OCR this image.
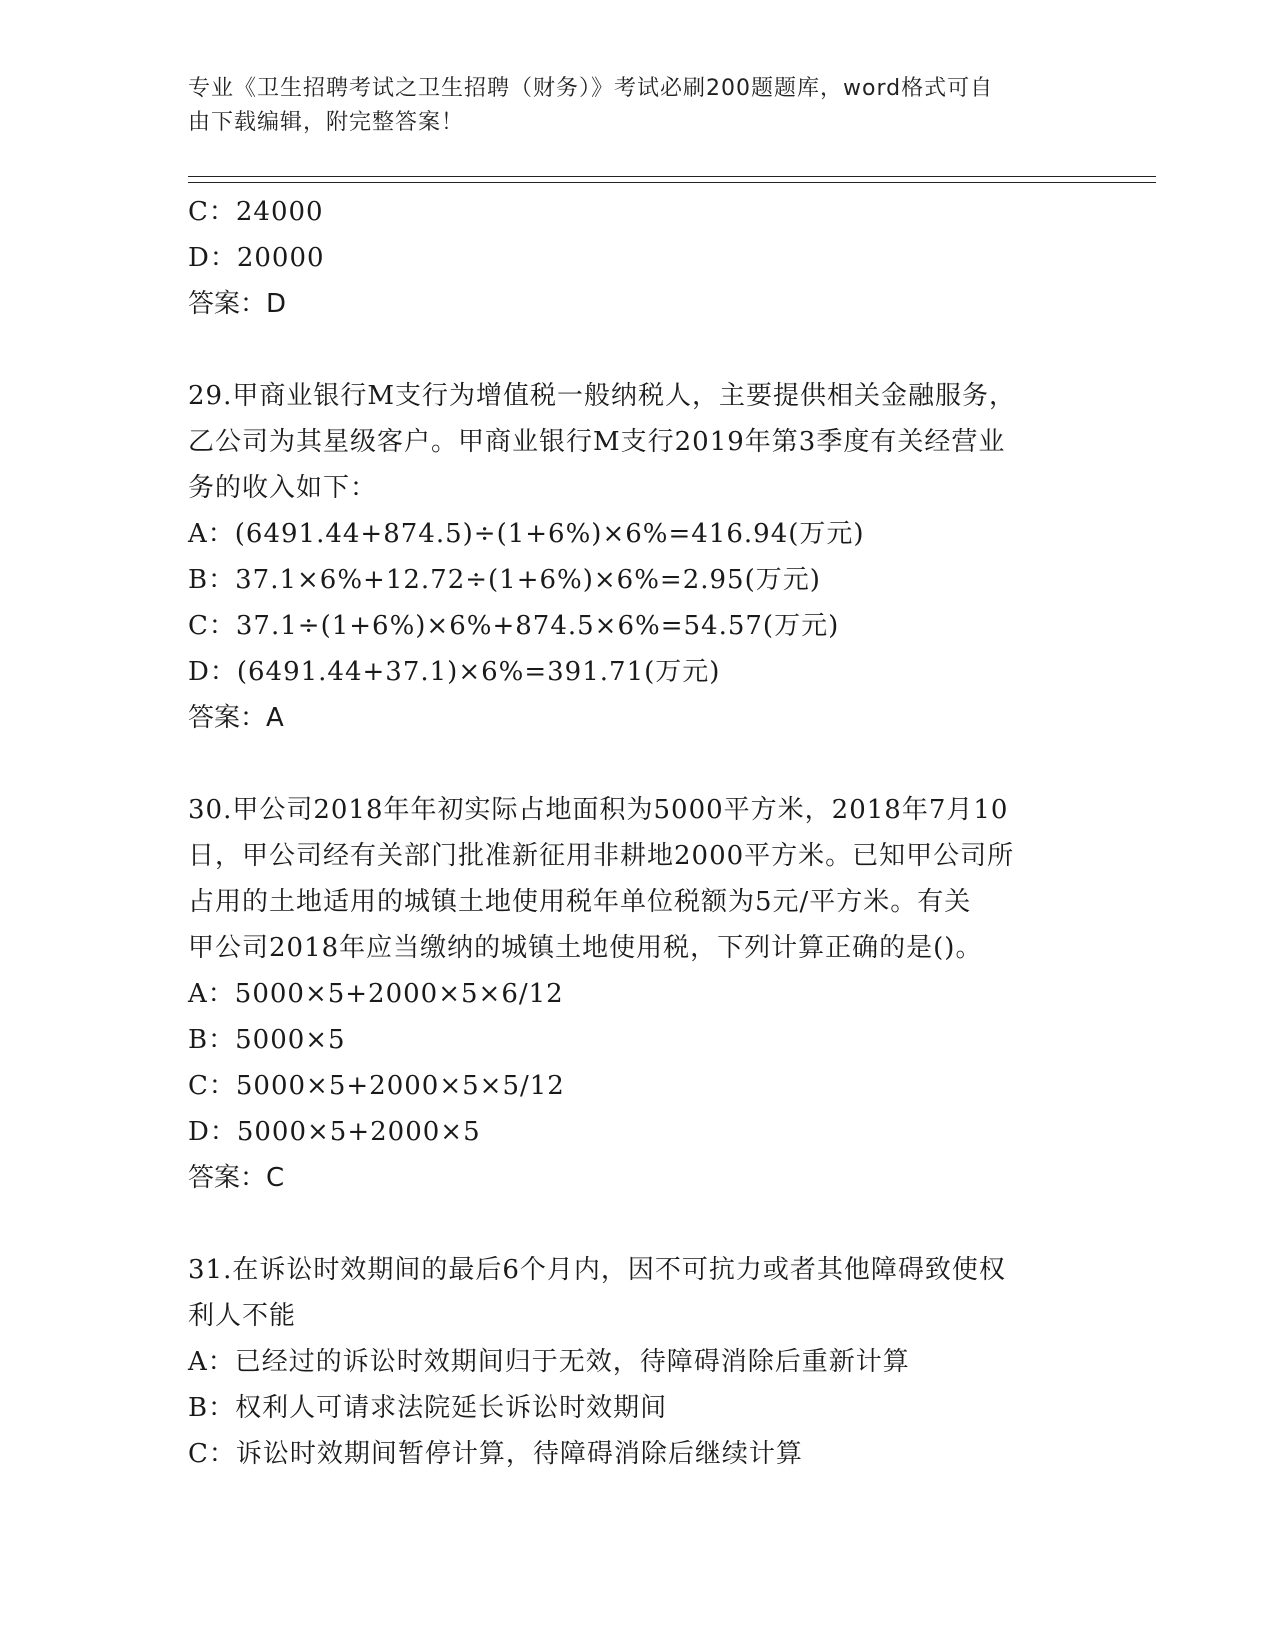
专业《卫生招聘考试之卫生招聘（财务）》考试必刷200题题库，word格式可自
由下载编辑，附完整答案！
C：24000
D：20000
答案：D
29.甲商业银行M支行为增值税一般纳税人，主要提供相关金融服务，
乙公司为其星级客户。甲商业银行M支行2019年第3季度有关经营业
务的收入如下：
A：(6491.44+874.5)÷(1+6%)×6%=416.94(万元)
B：37.1×6%+12.72÷(1+6%)×6%=2.95(万元)
C：37.1÷(1+6%)×6%+874.5×6%=54.57(万元)
D：(6491.44+37.1)×6%=391.71(万元)
答案：A
30.甲公司2018年年初实际占地面积为5000平方米，2018年7月10
日，甲公司经有关部门批准新征用非耕地2000平方米。已知甲公司所
占用的土地适用的城镇土地使用税年单位税额为5元/平方米。有关
甲公司2018年应当缴纳的城镇土地使用税，下列计算正确的是()。
A：5000×5+2000×5×6/12
B：5000×5
C：5000×5+2000×5×5/12
D：5000×5+2000×5
答案：C
31.在诉讼时效期间的最后6个月内，因不可抗力或者其他障碍致使权
利人不能
A：已经过的诉讼时效期间归于无效，待障碍消除后重新计算
B：权利人可请求法院延长诉讼时效期间
C：诉讼时效期间暂停计算，待障碍消除后继续计算
